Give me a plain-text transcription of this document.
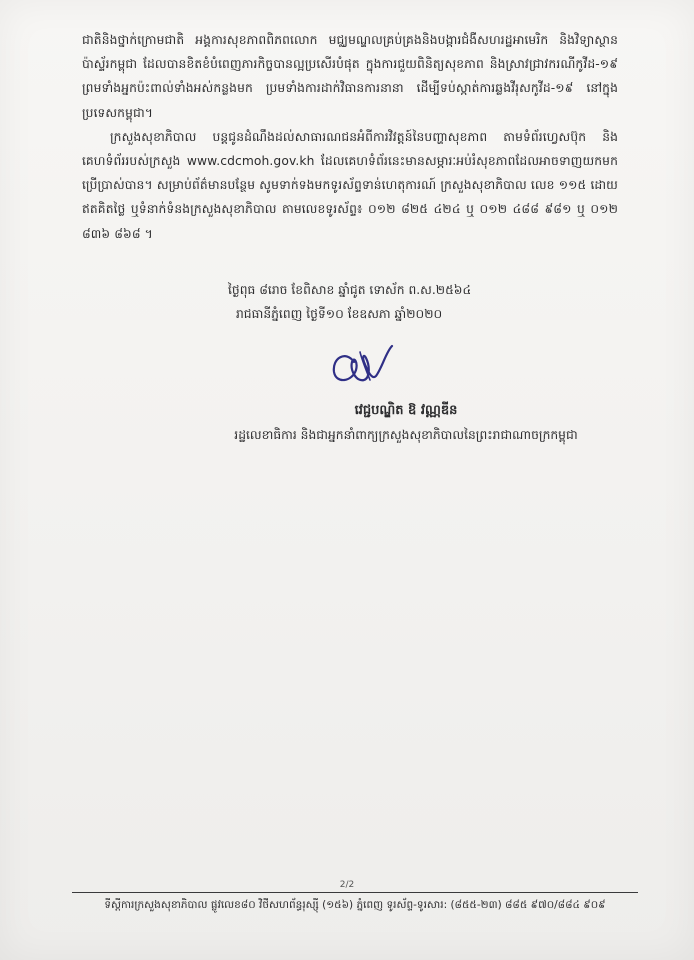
ជាតិនិងថ្នាក់ក្រោមជាតិ អង្គការសុខភាពពិភពលោក មជ្ឈមណ្ឌលគ្រប់គ្រងនិងបង្ការជំងឺសហរដ្ឋអាមេរិក និងវិទ្យាស្ថានប៉ាស្ទ័រកម្ពុជា ដែលបានខិតខំបំពេញភារកិច្ចបានល្អប្រសើរបំផុត ក្នុងការជួយពិនិត្យសុខភាព និងស្រាវជ្រាវករណីកូវីដ-១៩ ព្រមទាំងអ្នកប៉ះពាល់ទាំងអស់កន្លងមក ប្រមទាំងការដាក់វិធានការនានា ដើម្បីទប់ស្កាត់ការឆ្លងវីរុសកូវីដ-១៩ នៅក្នុងប្រទេសកម្ពុជា។

ក្រសួងសុខាភិបាល បន្តជូនដំណឹងដល់សាធារណជនអំពីការវិវត្តន៍នៃបញ្ហាសុខភាព តាមទំព័រហ្វេសប៊ុក និងគេហទំព័ររបស់ក្រសួង www.cdcmoh.gov.kh ដែលគេហទំព័រនេះមានសម្ភារៈអប់រំសុខភាពដែលអាចទាញយកមកប្រើប្រាស់បាន។ សម្រាប់ព័ត៌មានបន្ថែម សូមទាក់ទងមកទូរស័ព្ទទាន់ហេតុការណ៍ ក្រសួងសុខាភិបាល លេខ ១១៥ ដោយឥតគិតថ្លៃ ឬទំនាក់ទំនងក្រសួងសុខាភិបាល តាមលេខទូរស័ព្ទ៖ ០១២ ៨២៥ ៤២៤ ឬ ០១២ ៤៨៨ ៩៨១ ឬ ០១២ ៨៣៦ ៨៦៨ ។

ថ្ងៃពុធ ៨រោច ខែពិសាខ ឆ្នាំជូត ទោស័ក ព.ស.២៥៦៤
រាជធានីភ្នំពេញ ថ្ងៃទី១០ ខែឧសភា ឆ្នាំ២០២០
វេជ្ជបណ្ឌិត ឱ វណ្ណឌីន
រដ្ឋលេខាធិការ និងជាអ្នកនាំពាក្យក្រសួងសុខាភិបាលនៃព្រះរាជាណាចក្រកម្ពុជា
2/2
ទីស្តីការក្រសួងសុខាភិបាល ផ្លូវលេខ៨០ វិថីសហព័ន្ធរុស្ស៊ី (១៥៦) ភ្នំពេញ ទូរស័ព្ទ-ទូរសារ: (៨៥៥-២៣) ៨៨៥ ៩៧០/៨៨៤ ៩០៩
